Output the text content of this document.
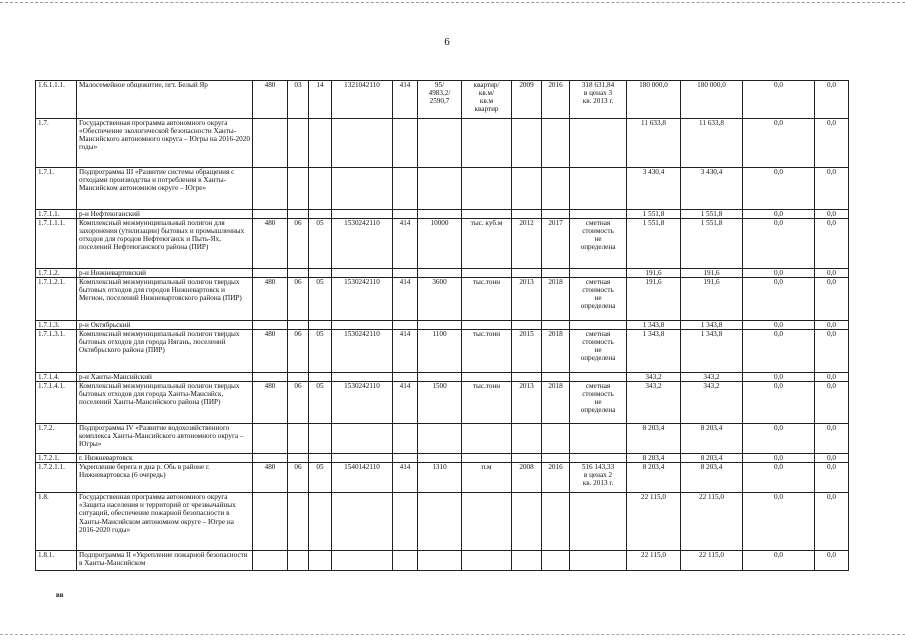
6
1.6.1.1.1.	Малосемейное общежитие, пгт. Белый Яр	480	03	14	1321042110	414	95/
4983,2/
2590,7	квартир/
кв.м/
кв.м
квартир	2009	2016	318 631,84
в ценах 3
кв. 2013 г.	180 000,0	180 000,0	0,0	0,0
1.7.	Государственная программа автономного округа «Обеспечение экологической безопасности Ханты-Мансийского автономного округа – Югры на 2016-2020 годы»											11 633,8	11 633,8	0,0	0,0
1.7.1.	Подпрограмма III «Развитие системы обращения с отходами производства и потребления в Ханты-Мансийском автономном округе – Югре»											3 430,4	3 430,4	0,0	0,0
1.7.1.1.	р-н Нефтеюганский											1 551,8	1 551,8	0,0	0,0
1.7.1.1.1.	Комплексный межмуниципальный полигон для захоронения (утилизации) бытовых и промышленных отходов для городов Нефтеюганск и Пыть-Ях, поселений Нефтеюганского района (ПИР)	480	06	05	1530242110	414	10000	тыс. куб.м	2012	2017	сметная
стоимость
не
определена	1 551,8	1 551,8	0,0	0,0
1.7.1.2.	р-н Нижневартовский											191,6	191,6	0,0	0,0
1.7.1.2.1.	Комплексный межмуниципальный полигон твердых бытовых отходов для городов Нижневартовск и Мегион, поселений Нижневартовского района (ПИР)	480	06	05	1530242110	414	3600	тыс.тонн	2013	2018	сметная
стоимость
не
определена	191,6	191,6	0,0	0,0
1.7.1.3.	р-н Октябрьский											1 343,8	1 343,8	0,0	0,0
1.7.1.3.1.	Комплексный межмуниципальный полигон твердых бытовых отходов для города Нягань, поселений Октябрьского района (ПИР)	480	06	05	1530242110	414	1100	тыс.тонн	2015	2018	сметная
стоимость
не
определена	1 343,8	1 343,8	0,0	0,0
1.7.1.4.	р-н Ханты-Мансийский											343,2	343,2	0,0	0,0
1.7.1.4.1.	Комплексный межмуниципальный полигон твердых бытовых отходов для города Ханты-Мансийск, поселений Ханты-Мансийского района (ПИР)	480	06	05	1530242110	414	1500	тыс.тонн	2013	2018	сметная
стоимость
не
определена	343,2	343,2	0,0	0,0
1.7.2.	Подпрограмма IV «Развитие водохозяйственного комплекса Ханты-Мансийского автономного округа – Югры»											8 203,4	8 203,4	0,0	0,0
1.7.2.1.	г. Нижневартовск											8 203,4	8 203,4	0,0	0,0
1.7.2.1.1.	Укрепление берега и дна р. Обь в районе г. Нижневартовска (6 очередь)	480	06	05	1540142110	414	1310	п.м	2008	2016	516 143,33
в ценах 2
кв. 2013 г.	8 203,4	8 203,4	0,0	0,0
1.8.	Государственная программа автономного округа «Защита населения и территорий от чрезвычайных ситуаций, обеспечение пожарной безопасности в Ханты-Мансийском автономном округе – Югре на 2016-2020 годы»											22 115,0	22 115,0	0,0	0,0
1.8.1.	Подпрограмма II «Укрепление пожарной безопасности в Ханты-Мансийском											22 115,0	22 115,0	0,0	0,0
вв
